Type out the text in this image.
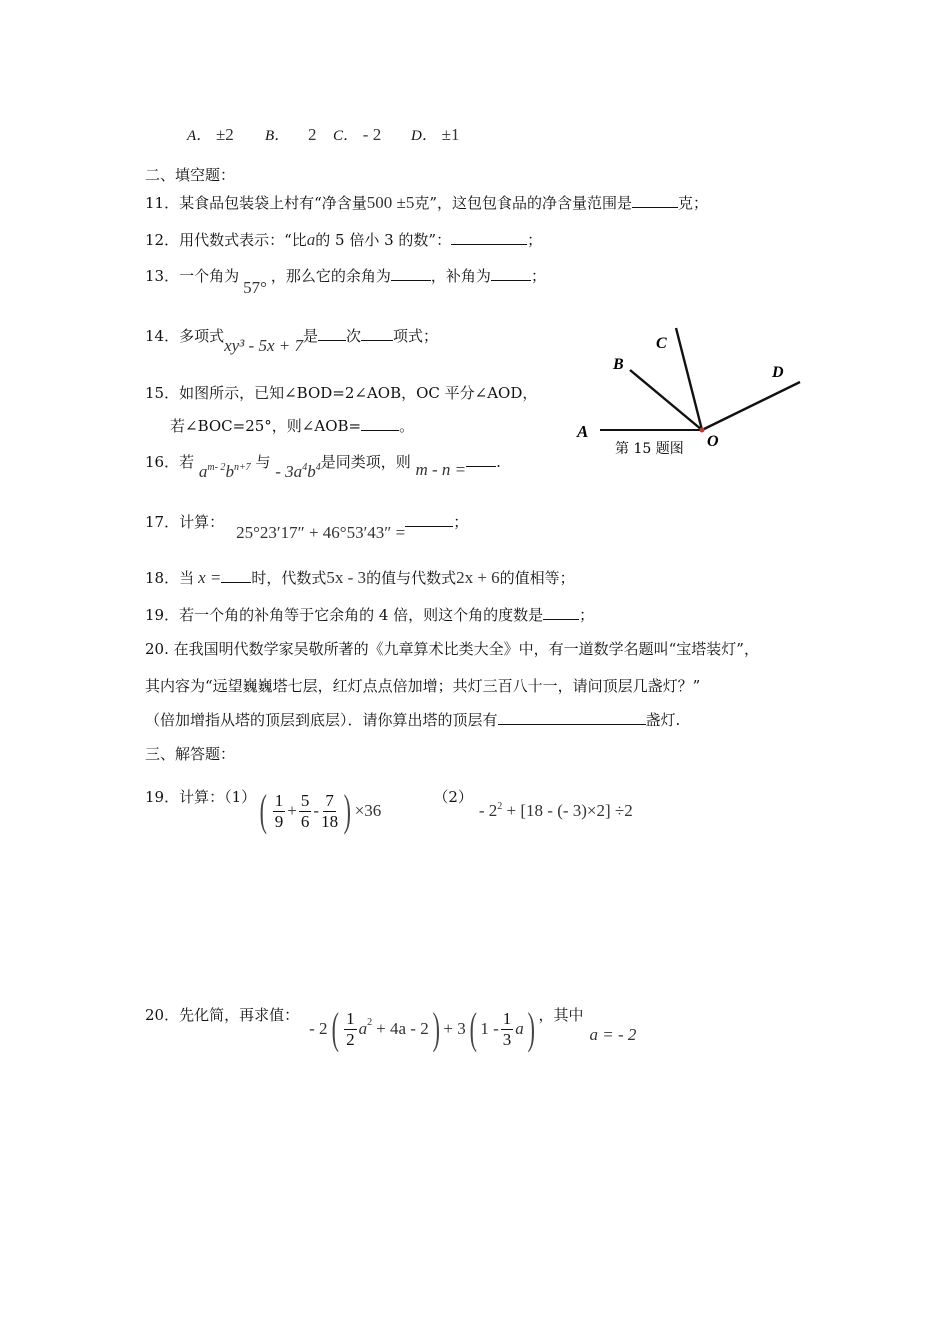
A． ±2 B． 2 C． - 2 D． ±1
二、填空题：
11．某食品包装袋上村有“净含量500 ±5克”，这包包食品的净含量范围是	克；
12．用代数式表示：“比a的 5 倍小 3 的数”：	；
13．一个角为57°，那么它的余角为	，补角为	；
14．多项式xy³ - 5x + 7是 次 项式；
15．如图所示，已知∠BOD=2∠AOB，OC 平分∠AOD，
若∠BOC=25°，则∠AOB=	。
16．若 $a^{m- 2}b^{n+7}$ 与 - $3a^4b^4$是同类项，则 m - n = .
A
B
C
D
O
第 15 题图
17．计算：25°23′17″ + 46°53′43″ =；
18．当 x = 时，代数式5x - 3的值与代数式2x + 6的值相等；
19．若一个角的补角等于它余角的 4 倍，则这个角的度数是 ；
20. 在我国明代数学家吴敬所著的《九章算术比类大全》中，有一道数学名题叫“宝塔装灯”，
其内容为“远望巍巍塔七层，红灯点点倍加增；共灯三百八十一，请问顶层几盏灯？”
（倍加增指从塔的顶层到底层）．请你算出塔的顶层有	盏灯.
三、解答题：
19．计算：（1） ( $\frac{1}{9} + \frac{5}{6} - \frac{7}{18}$ ) ×36
（2）
- $2^2 + [18$ - (- 3)×2] ÷2
20．先化简，再求值：
- 2 ( $\frac{1}{2}$ a 2 + 4a - 2 ) + 3 ( $1 - \frac{1}{3}$ a ) ，其中
a = - 2
